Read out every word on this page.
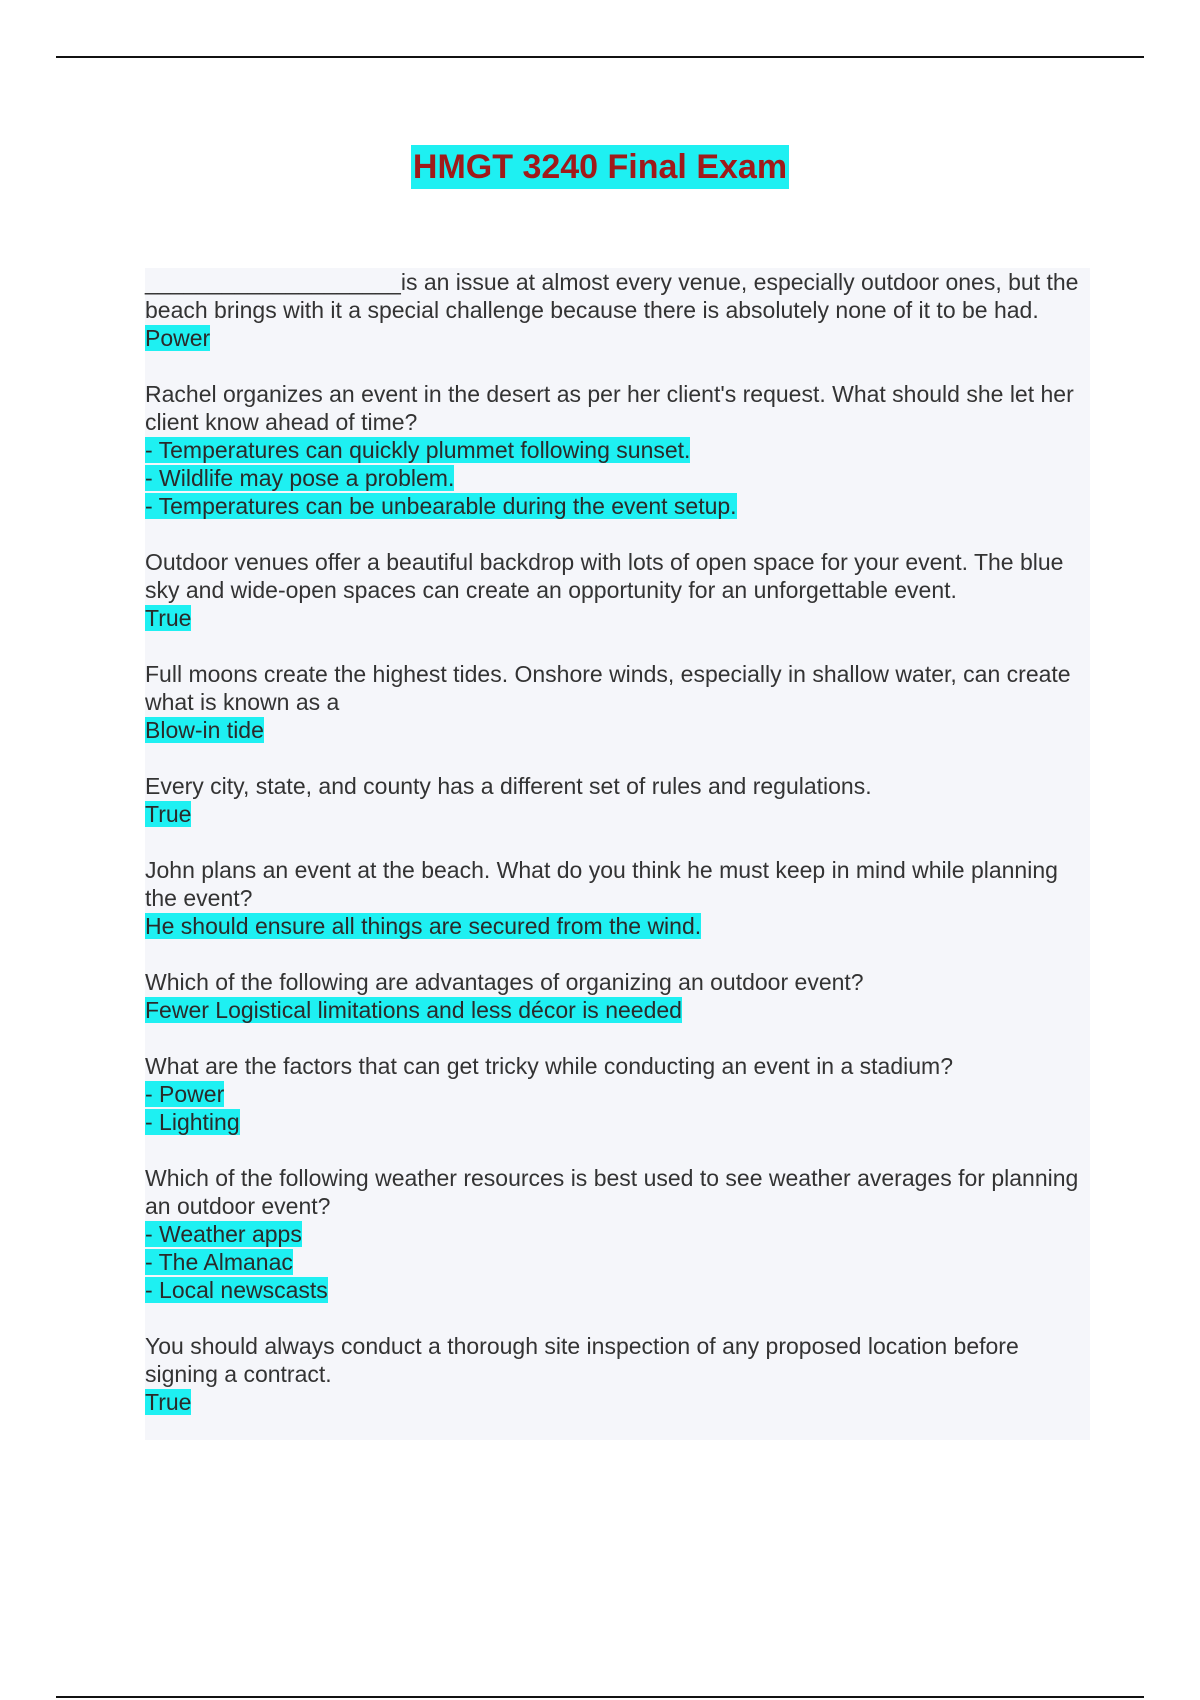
HMGT 3240 Final Exam

____________________is an issue at almost every venue, especially outdoor ones, but the beach brings with it a special challenge because there is absolutely none of it to be had.

Power

Rachel organizes an event in the desert as per her client's request. What should she let her client know ahead of time?

- Temperatures can quickly plummet following sunset.

- Wildlife may pose a problem.

- Temperatures can be unbearable during the event setup.

Outdoor venues offer a beautiful backdrop with lots of open space for your event. The blue sky and wide-open spaces can create an opportunity for an unforgettable event.

True

Full moons create the highest tides. Onshore winds, especially in shallow water, can create what is known as a

Blow-in tide

Every city, state, and county has a different set of rules and regulations.

True

John plans an event at the beach. What do you think he must keep in mind while planning the event?

He should ensure all things are secured from the wind.

Which of the following are advantages of organizing an outdoor event?

Fewer Logistical limitations and less décor is needed

What are the factors that can get tricky while conducting an event in a stadium?

- Power

- Lighting

Which of the following weather resources is best used to see weather averages for planning an outdoor event?

- Weather apps

- The Almanac

- Local newscasts

You should always conduct a thorough site inspection of any proposed location before signing a contract.

True
